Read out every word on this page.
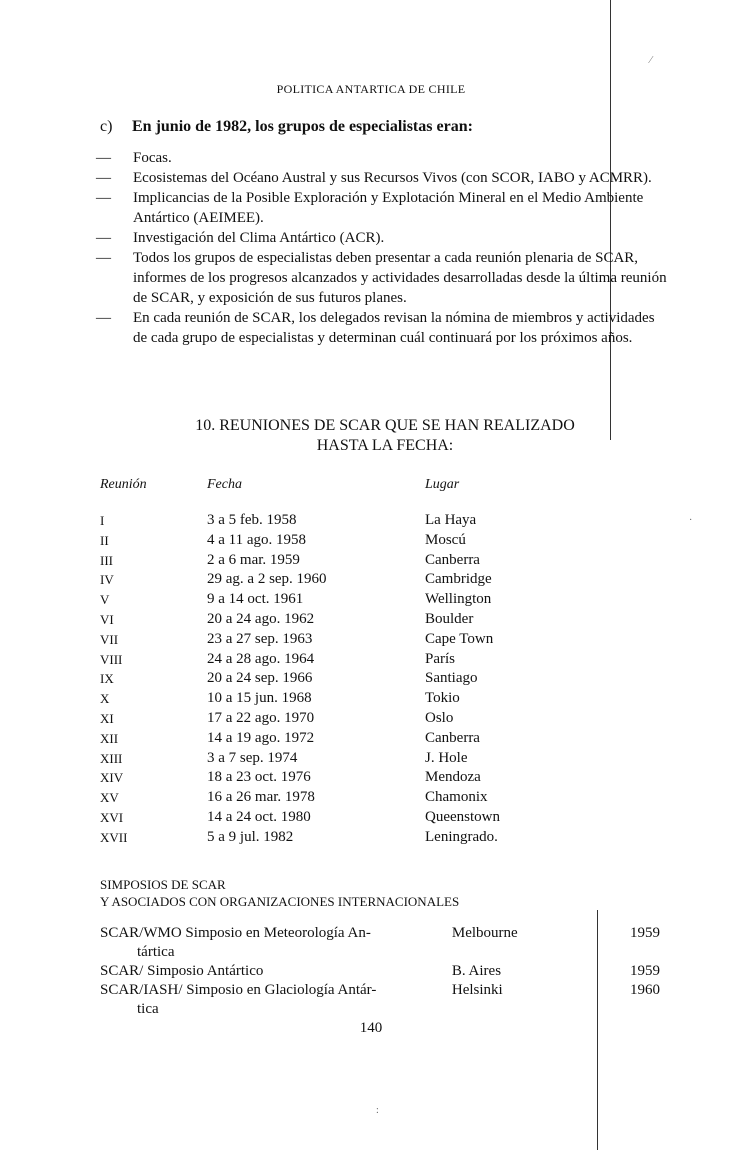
⁄
·
:
POLITICA ANTARTICA DE CHILE
c) En junio de 1982, los grupos de especialistas eran:
—	Focas.
—	Ecosistemas del Océano Austral y sus Recursos Vivos (con SCOR, IABO y ACMRR).
—	Implicancias de la Posible Exploración y Explotación Mineral en el Medio Ambiente Antártico (AEIMEE).
—	Investigación del Clima Antártico (ACR).
—	Todos los grupos de especialistas deben presentar a cada reunión plenaria de SCAR, informes de los progresos alcanzados y actividades desarrolladas desde la última reunión de SCAR, y exposición de sus futuros planes.
—	En cada reunión de SCAR, los delegados revisan la nómina de miembros y actividades de cada grupo de especialistas y determinan cuál continuará por los próximos años.
10. REUNIONES DE SCAR QUE SE HAN REALIZADO
HASTA LA FECHA:
Reunión	Fecha	Lugar
I	3 a 5 feb. 1958	La Haya
II	4 a 11 ago. 1958	Moscú
III	2 a 6 mar. 1959	Canberra
IV	29 ag. a 2 sep. 1960	Cambridge
V	9 a 14 oct. 1961	Wellington
VI	20 a 24 ago. 1962	Boulder
VII	23 a 27 sep. 1963	Cape Town
VIII	24 a 28 ago. 1964	París
IX	20 a 24 sep. 1966	Santiago
X	10 a 15 jun. 1968	Tokio
XI	17 a 22 ago. 1970	Oslo
XII	14 a 19 ago. 1972	Canberra
XIII	3 a 7 sep. 1974	J. Hole
XIV	18 a 23 oct. 1976	Mendoza
XV	16 a 26 mar. 1978	Chamonix
XVI	14 a 24 oct. 1980	Queenstown
XVII	5 a 9 jul. 1982	Leningrado.
SIMPOSIOS DE SCAR
Y ASOCIADOS CON ORGANIZACIONES INTERNACIONALES
SCAR/WMO Simposio en Meteorología An-
tártica
Melbourne	1959
SCAR/ Simposio Antártico	B. Aires	1959
SCAR/IASH/ Simposio en Glaciología Antár-
tica
Helsinki	1960
140
